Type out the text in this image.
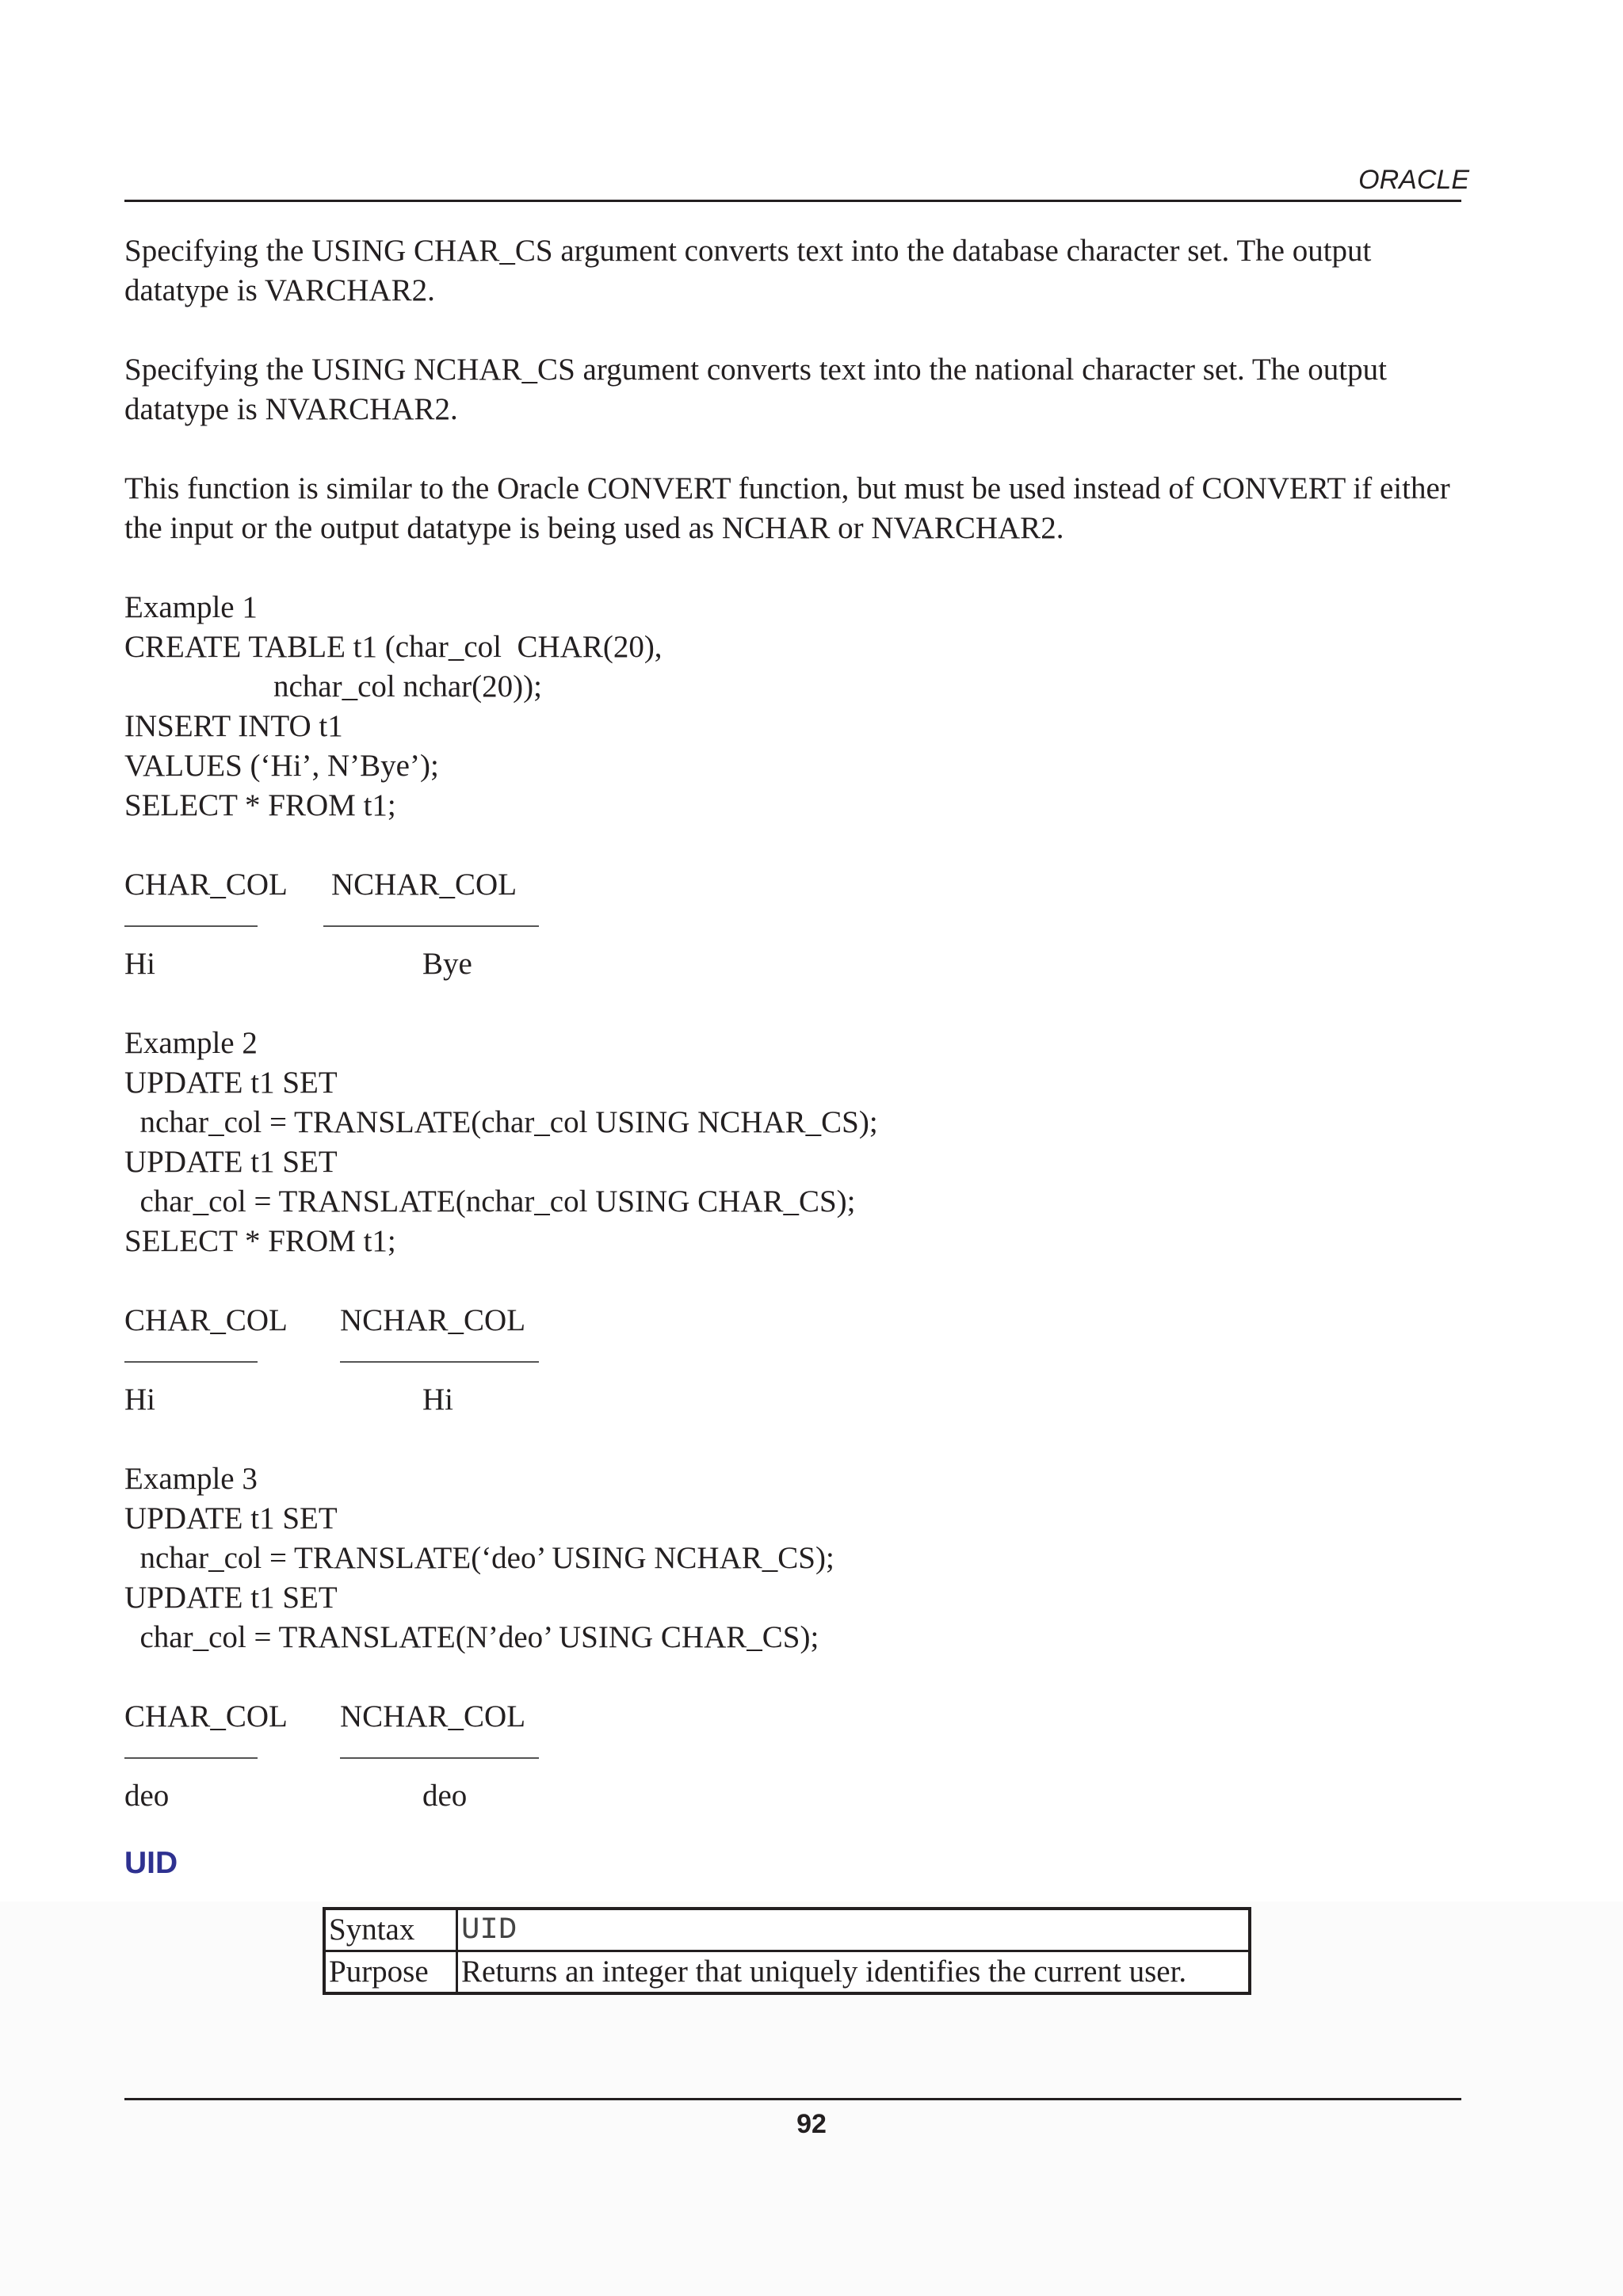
ORACLE

Specifying the USING CHAR_CS argument converts text into the database character set. The output datatype is VARCHAR2.

Specifying the USING NCHAR_CS argument converts text into the national character set. The output datatype is NVARCHAR2.

This function is similar to the Oracle CONVERT function, but must be used instead of CONVERT if either the input or the output datatype is being used as NCHAR or NVARCHAR2.

Example 1
CREATE TABLE t1 (char_col  CHAR(20),
nchar_col nchar(20));
INSERT INTO t1
VALUES (‘Hi’, N’Bye’);
SELECT * FROM t1;
CHAR_COL NCHAR_COL
Hi	Bye
Example 2
UPDATE t1 SET
nchar_col = TRANSLATE(char_col USING NCHAR_CS);
UPDATE t1 SET
char_col = TRANSLATE(nchar_col USING CHAR_CS);
SELECT * FROM t1;
CHAR_COL NCHAR_COL
Hi	Hi
Example 3
UPDATE t1 SET
nchar_col = TRANSLATE(‘deo’ USING NCHAR_CS);
UPDATE t1 SET
char_col = TRANSLATE(N’deo’ USING CHAR_CS);
CHAR_COL NCHAR_COL
deo	deo
UID
Syntax	UID
Purpose	Returns an integer that uniquely identifies the current user.
92
